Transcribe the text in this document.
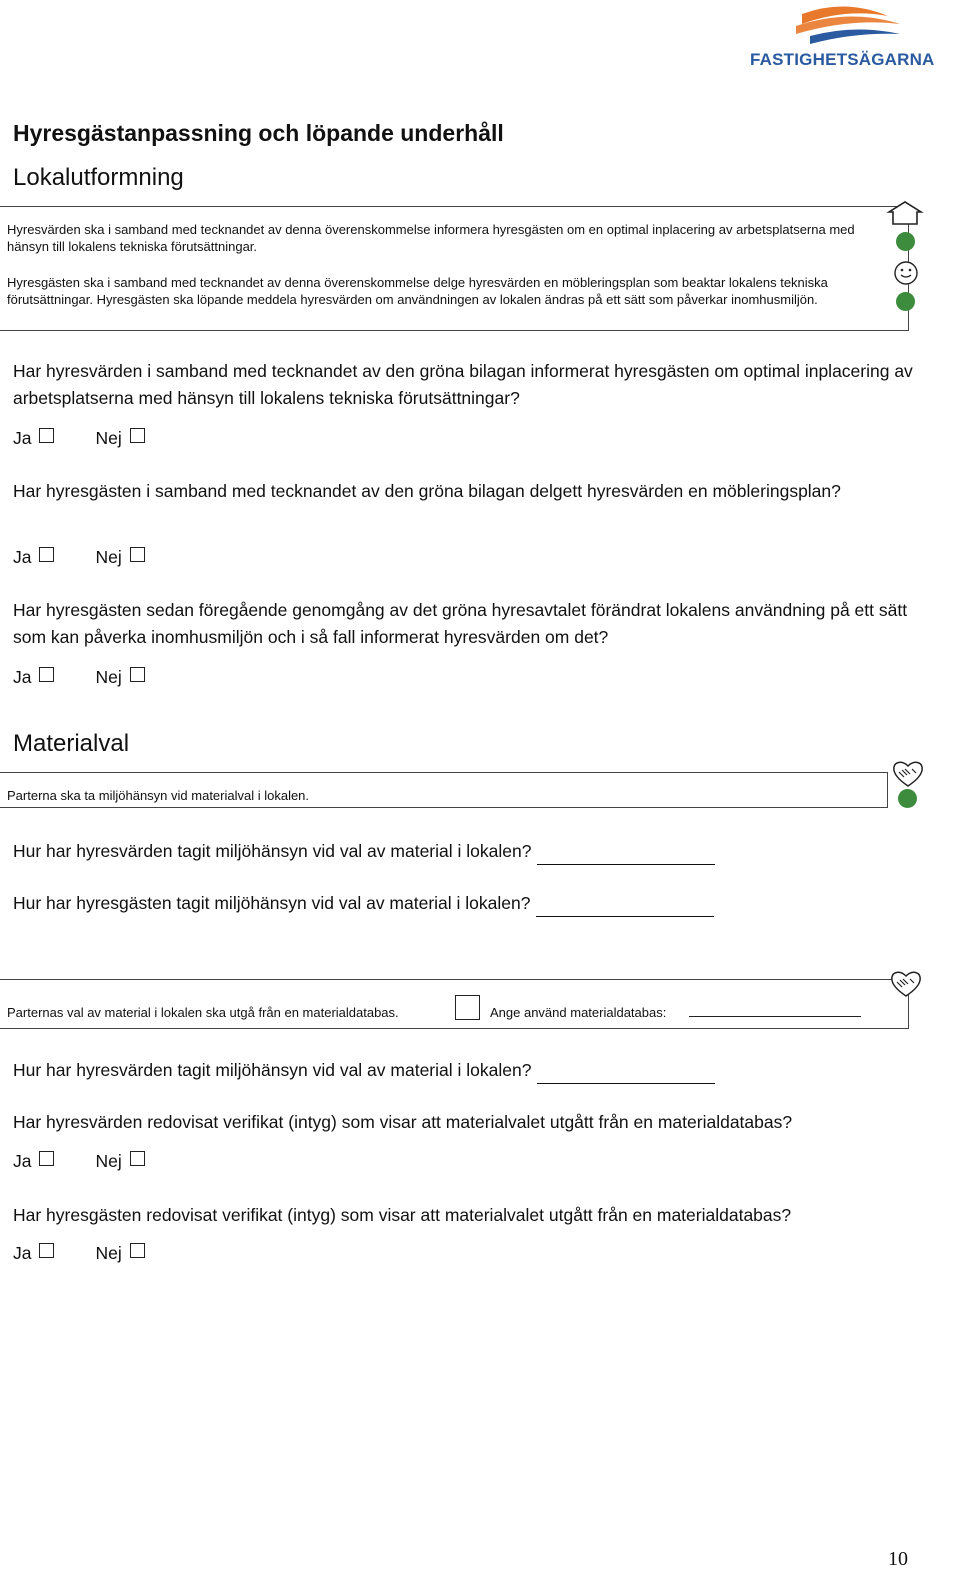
FASTIGHETSÄGARNA
Hyresgästanpassning och löpande underhåll
Lokalutformning
Hyresvärden ska i samband med tecknandet av denna överenskommelse informera hyresgästen om en optimal inplacering av arbetsplatserna med hänsyn till lokalens tekniska förutsättningar.
Hyresgästen ska i samband med tecknandet av denna överenskommelse delge hyresvärden en möbleringsplan som beaktar lokalens tekniska förutsättningar. Hyresgästen ska löpande meddela hyresvärden om användningen av lokalen ändras på ett sätt som påverkar inomhusmiljön.
Har hyresvärden i samband med tecknandet av den gröna bilagan informerat hyresgästen om optimal inplacering av arbetsplatserna med hänsyn till lokalens tekniska förutsättningar?
Ja	Nej
Har hyresgästen i samband med tecknandet av den gröna bilagan delgett hyresvärden en möbleringsplan?
Ja	Nej
Har hyresgästen sedan föregående genomgång av det gröna hyresavtalet förändrat lokalens användning på ett sätt som kan påverka inomhusmiljön och i så fall informerat hyresvärden om det?
Ja	Nej
Materialval
Parterna ska ta miljöhänsyn vid materialval i lokalen.
Hur har hyresvärden tagit miljöhänsyn vid val av material i lokalen?
Hur har hyresgästen tagit miljöhänsyn vid val av material i lokalen?
Parternas val av material i lokalen ska utgå från en materialdatabas.	Ange använd materialdatabas:
Hur har hyresvärden tagit miljöhänsyn vid val av material i lokalen?
Har hyresvärden redovisat verifikat (intyg) som visar att materialvalet utgått från en materialdatabas?
Ja	Nej
Har hyresgästen redovisat verifikat (intyg) som visar att materialvalet utgått från en materialdatabas?
Ja	Nej
10
